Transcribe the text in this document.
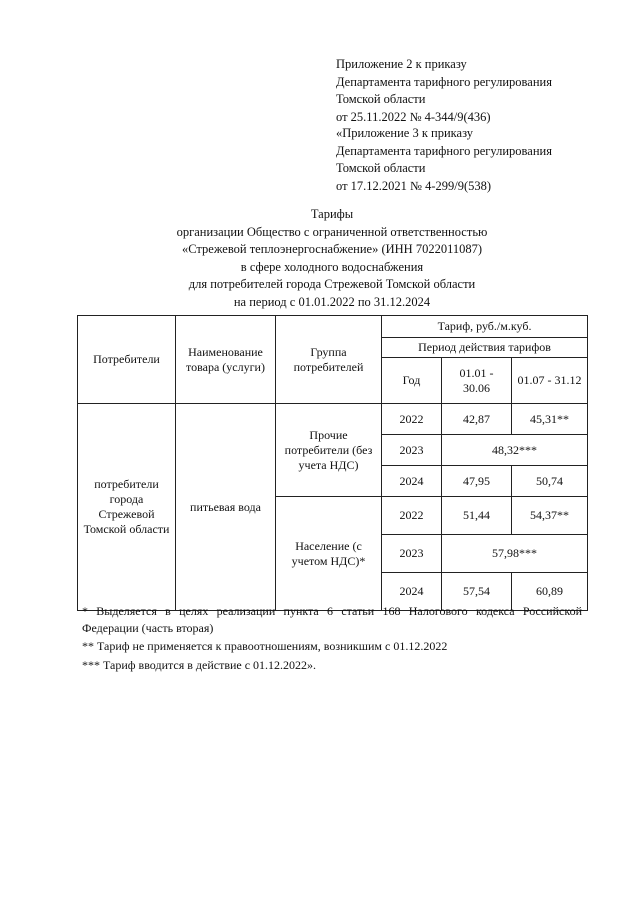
Приложение 2 к приказу
Департамента тарифного регулирования
Томской области
от 25.11.2022 № 4-344/9(436)
«Приложение 3 к приказу
Департамента тарифного регулирования
Томской области
от 17.12.2021 № 4-299/9(538)
Тарифы
организации Общество с ограниченной ответственностью
«Стрежевой теплоэнергоснабжение» (ИНН 7022011087)
в сфере холодного водоснабжения
для потребителей города Стрежевой Томской области
на период с 01.01.2022 по 31.12.2024
Потребители	Наименование товара (услуги)	Группа потребителей	Тариф, руб./м.куб.		
			Период действия тарифов		
			Год	01.01 - 30.06	01.07 - 31.12
потребители города Стрежевой Томской области	питьевая вода	Прочие потребители (без учета НДС)	2022	42,87	45,31**
			2023	48,32***	
			2024	47,95	50,74
		Население (с учетом НДС)*	2022	51,44	54,37**
			2023	57,98***	
			2024	57,54	60,89
* Выделяется в целях реализации пункта 6 статьи 168 Налогового кодекса Российской Федерации (часть вторая)
** Тариф не применяется к правоотношениям, возникшим с 01.12.2022
*** Тариф вводится в действие с 01.12.2022».
